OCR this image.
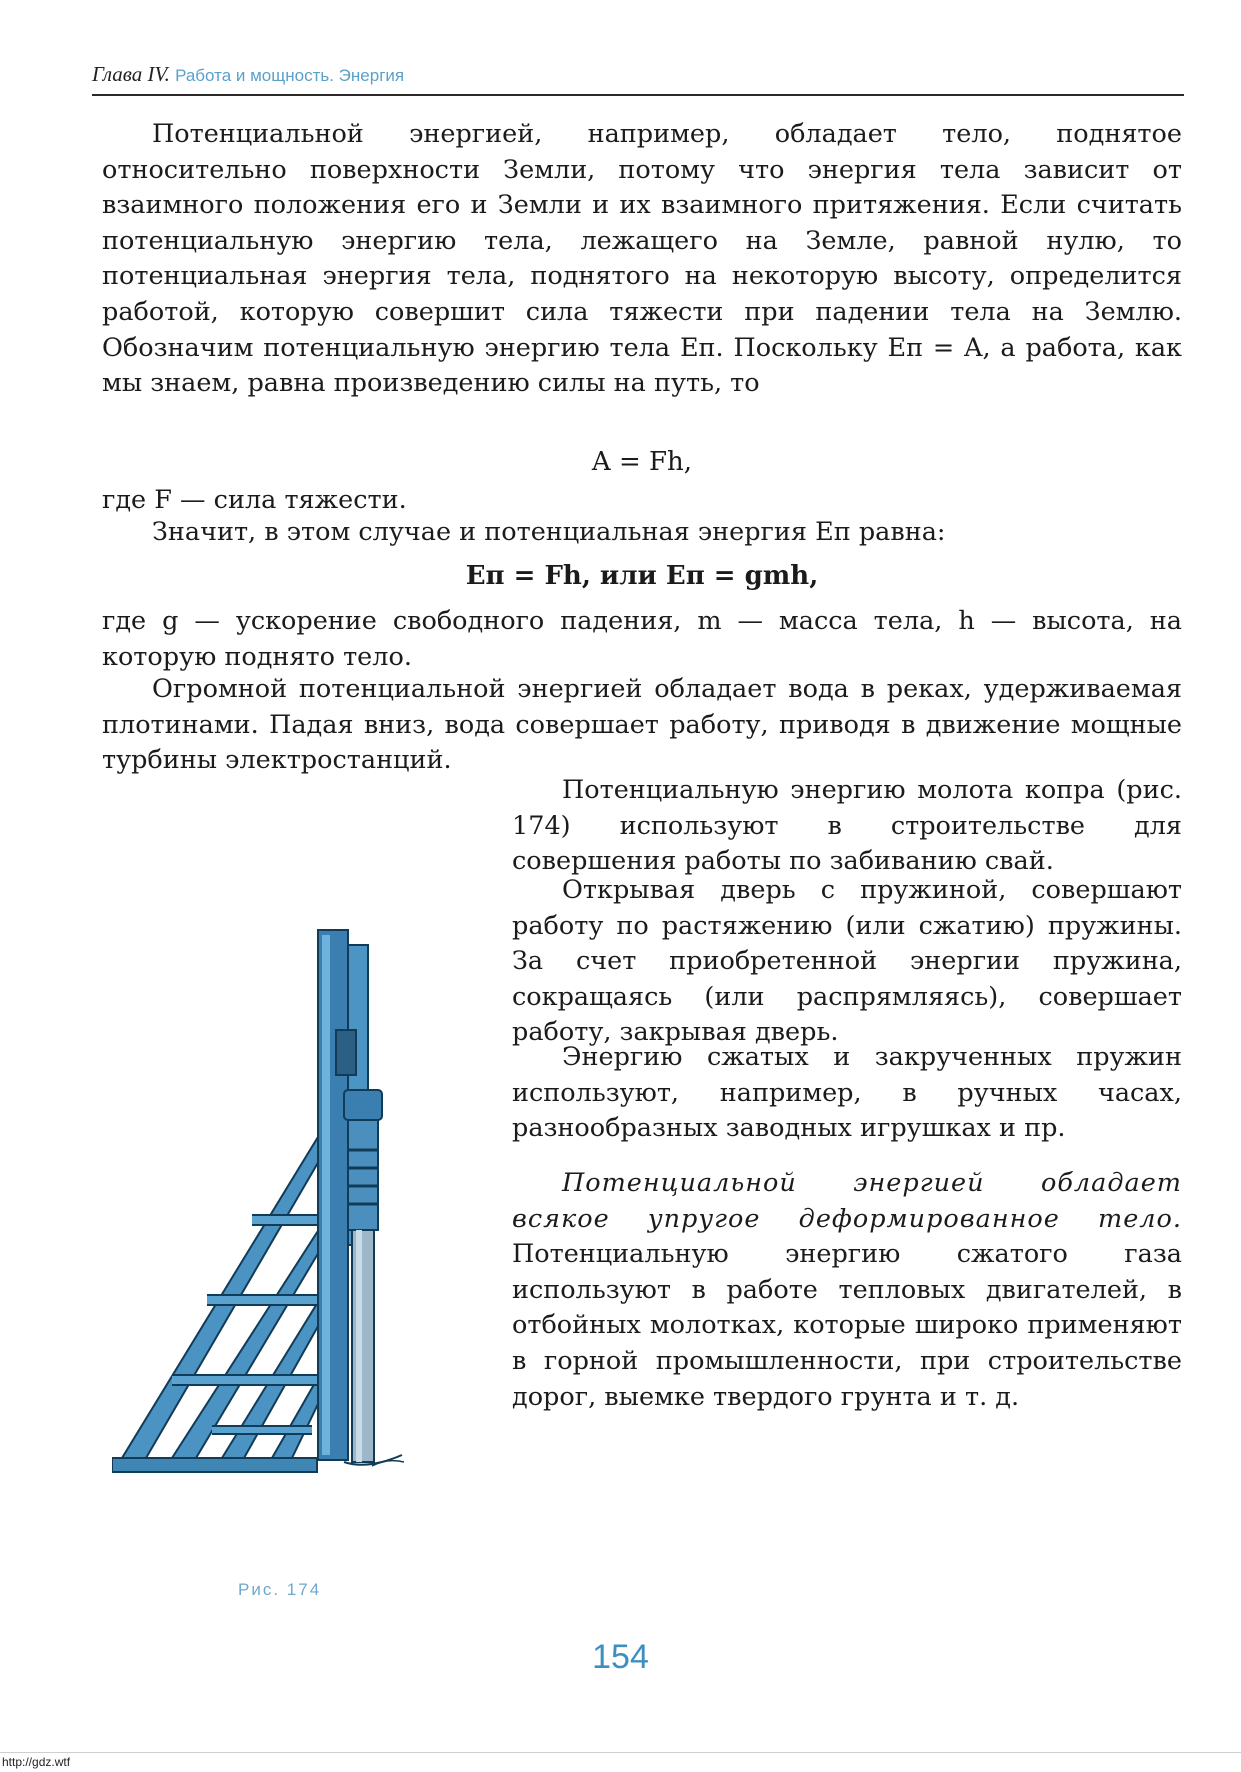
Глава IV. Работа и мощность. Энергия

Потенциальной энергией, например, обладает тело, поднятое относительно поверхности Земли, потому что энергия тела зависит от взаимного положения его и Земли и их взаимного притяжения. Если считать потенциальную энергию тела, лежащего на Земле, равной нулю, то потенциальная энергия тела, поднятого на некоторую высоту, определится работой, которую совершит сила тяжести при падении тела на Землю. Обозначим потенциальную энергию тела Eп. Поскольку Eп = A, а работа, как мы знаем, равна произведению силы на путь, то

A = Fh,

где F — сила тяжести.

Значит, в этом случае и потенциальная энергия Eп равна:

Eп = Fh, или Eп = gmh,

где g — ускорение свободного падения, m — масса тела, h — высота, на которую поднято тело.

Огромной потенциальной энергией обладает вода в реках, удерживаемая плотинами. Падая вниз, вода совершает работу, приводя в движение мощные турбины электростанций.

Потенциальную энергию молота копра (рис. 174) используют в строительстве для совершения работы по забиванию свай.

Открывая дверь с пружиной, совершают работу по растяжению (или сжатию) пружины. За счет приобретенной энергии пружина, сокращаясь (или распрямляясь), совершает работу, закрывая дверь.

Энергию сжатых и закрученных пружин используют, например, в ручных часах, разнообразных заводных игрушках и пр.

Потенциальной энергией обладает всякое упругое деформированное тело. Потенциальную энергию сжатого газа используют в работе тепловых двигателей, в отбойных молотках, которые широко применяют в горной промышленности, при строительстве дорог, выемке твердого грунта и т. д.

Рис. 174
154
http://gdz.wtf
